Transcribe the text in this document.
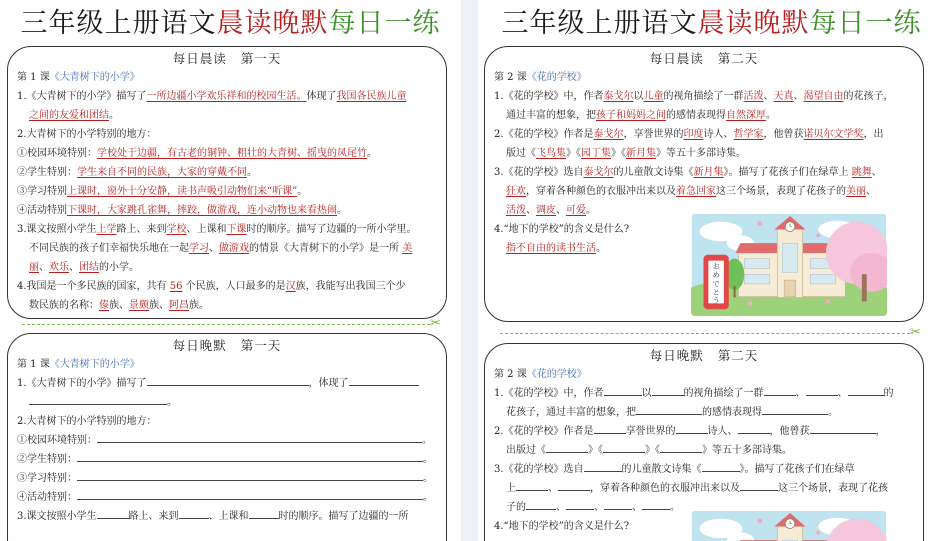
三年级上册语文晨读晚默每日一练
每日晨读 第一天
第 1 课《大青树下的小学》
1.《大青树下的小学》描写了一所边疆小学欢乐祥和的校园生活。体现了我国各民族儿童
之间的友爱和团结。
2.大青树下的小学特别的地方：
①校园环境特别：学校处于边疆，有古老的铜钟、粗壮的大青树、摇曳的凤尾竹。
②学生特别：学生来自不同的民族，大家的穿戴不同。
③学习特别上课时，窗外十分安静，读书声吸引动物们来“听课”。
④活动特别下课时，大家跳孔雀舞，摔跤，做游戏，连小动物也来看热闹。
3.课文按照小学生上学路上、来到学校、上课和下课时的顺序。描写了边疆的一所小学里。
不同民族的孩子们幸福快乐地在一起学习、做游戏的情景《大青树下的小学》是一所 美
丽、欢乐、团结的小学。
4.我国是一个多民族的国家，共有 56 个民族，人口最多的是汉族，我能写出我国三个少
数民族的名称：傣族、景颇族、阿昌族。
✂
每日晚默 第一天
第 1 课《大青树下的小学》
1.《大青树下的小学》描写了	，体现了
。
2.大青树下的小学特别的地方：
①校园环境特别：	。
②学生特别：	。
③学习特别：	。
④活动特别：	。
3.课文按照小学生	路上、来到	、上课和	时的顺序。描写了边疆的一所
三年级上册语文晨读晚默每日一练
每日晨读 第二天
第 2 课《花的学校》
1.《花的学校》中，作者泰戈尔以儿童的视角描绘了一群活泼、天真、渴望自由的花孩子，
通过丰富的想象，把孩子和妈妈之间的感情表现得自然深厚。
2.《花的学校》作者是泰戈尔，享誉世界的印度诗人、哲学家，他曾获诺贝尔文学奖，出
版过《飞鸟集》《园丁集》《新月集》等五十多部诗集。
3.《花的学校》选自泰戈尔的儿童散文诗集《新月集》。描写了花孩子们在绿草上 跳舞、
狂欢，穿着各种颜色的衣服冲出来以及着急回家这三个场景，表现了花孩子的美丽、
活泼、调皮、可爱。
4.“地下的学校”的含义是什么?
指不自由的读书生活。
✂
每日晚默 第二天
第 2 课《花的学校》
1.《花的学校》中，作者	以	的视角描绘了一群	、	、	的
花孩子，通过丰富的想象，把	的感情表现得	。
2.《花的学校》作者是	享誉世界的	诗人、	，他曾获	，
出版过《	》《	》《	》等五十多部诗集。
3.《花的学校》选自	的儿童散文诗集《	》。描写了花孩子们在绿草
上	、	，穿着各种颜色的衣服冲出来以及	这三个场景，表现了花孩
子的	、	、	、	。
4.“地下的学校”的含义是什么?
